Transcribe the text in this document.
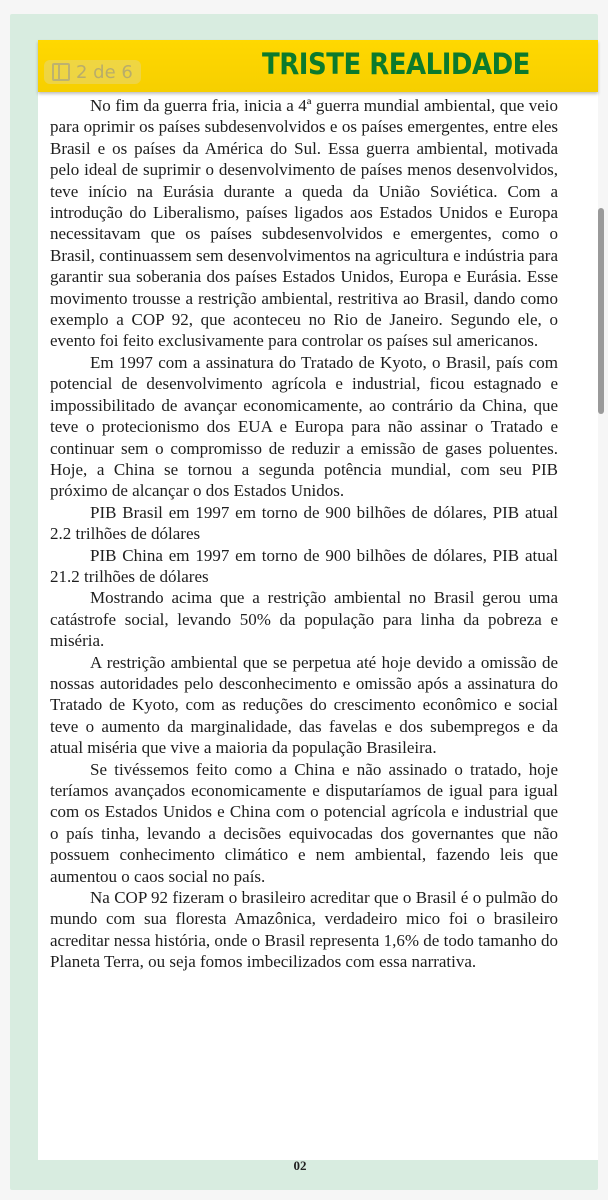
TRISTE REALIDADE
2 de 6

No fim da guerra fria, inicia a 4ª guerra mundial ambiental, que veio para oprimir os países subdesenvolvidos e os países emergentes, entre eles Brasil e os países da América do Sul. Essa guerra ambiental, motivada pelo ideal de suprimir o desenvolvimento de países menos desenvolvidos, teve início na Eurásia durante a queda da União Soviética. Com a introdução do Liberalismo, países ligados aos Estados Unidos e Europa necessitavam que os países subdesenvolvidos e emergentes, como o Brasil, continuassem sem desenvolvimentos na agricultura e indústria para garantir sua soberania dos países Estados Unidos, Europa e Eurásia. Esse movimento trousse a restrição ambiental, restritiva ao Brasil, dando como exemplo a COP 92, que aconteceu no Rio de Janeiro. Segundo ele, o evento foi feito exclusivamente para controlar os países sul americanos.

Em 1997 com a assinatura do Tratado de Kyoto, o Brasil, país com potencial de desenvolvimento agrícola e industrial, ficou estagnado e impossibilitado de avançar economicamente, ao contrário da China, que teve o protecionismo dos EUA e Europa para não assinar o Tratado e continuar sem o compromisso de reduzir a emissão de gases poluentes. Hoje, a China se tornou a segunda potência mundial, com seu PIB próximo de alcançar o dos Estados Unidos.

PIB Brasil em 1997 em torno de 900 bilhões de dólares, PIB atual 2.2 trilhões de dólares

PIB China em 1997 em torno de 900 bilhões de dólares, PIB atual 21.2 trilhões de dólares

Mostrando acima que a restrição ambiental no Brasil gerou uma catástrofe social, levando 50% da população para linha da pobreza e miséria.

A restrição ambiental que se perpetua até hoje devido a omissão de nossas autoridades pelo desconhecimento e omissão após a assinatura do Tratado de Kyoto, com as reduções do crescimento econômico e social teve o aumento da marginalidade, das favelas e dos subempregos e da atual miséria que vive a maioria da população Brasileira.

Se tivéssemos feito como a China e não assinado o tratado, hoje teríamos avançados economicamente e disputaríamos de igual para igual com os Estados Unidos e China com o potencial agrícola e industrial que o país tinha, levando a decisões equivocadas dos governantes que não possuem conhecimento climático e nem ambiental, fazendo leis que aumentou o caos social no país.

Na COP 92 fizeram o brasileiro acreditar que o Brasil é o pulmão do mundo com sua floresta Amazônica, verdadeiro mico foi o brasileiro acreditar nessa história, onde o Brasil representa 1,6% de todo tamanho do Planeta Terra, ou seja fomos imbecilizados com essa narrativa.

02
